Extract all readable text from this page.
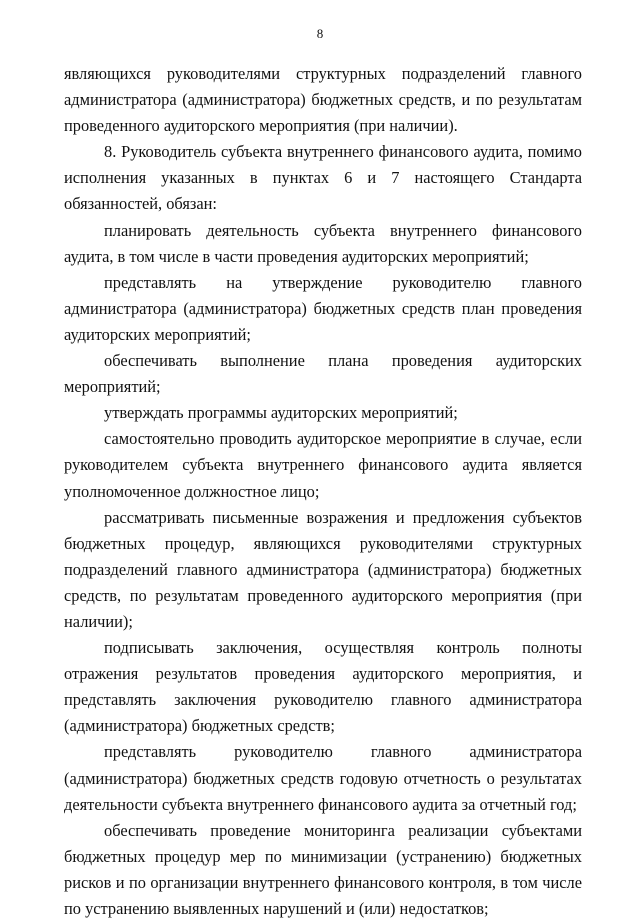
8

являющихся руководителями структурных подразделений главного администратора (администратора) бюджетных средств, и по результатам проведенного аудиторского мероприятия (при наличии).

8. Руководитель субъекта внутреннего финансового аудита, помимо исполнения указанных в пунктах 6 и 7 настоящего Стандарта обязанностей, обязан:

планировать деятельность субъекта внутреннего финансового аудита, в том числе в части проведения аудиторских мероприятий;

представлять на утверждение руководителю главного администратора (администратора) бюджетных средств план проведения аудиторских мероприятий;

обеспечивать выполнение плана проведения аудиторских мероприятий;

утверждать программы аудиторских мероприятий;

самостоятельно проводить аудиторское мероприятие в случае, если руководителем субъекта внутреннего финансового аудита является уполномоченное должностное лицо;

рассматривать письменные возражения и предложения субъектов бюджетных процедур, являющихся руководителями структурных подразделений главного администратора (администратора) бюджетных средств, по результатам проведенного аудиторского мероприятия (при наличии);

подписывать заключения, осуществляя контроль полноты отражения результатов проведения аудиторского мероприятия, и представлять заключения руководителю главного администратора (администратора) бюджетных средств;

представлять руководителю главного администратора (администратора) бюджетных средств годовую отчетность о результатах деятельности субъекта внутреннего финансового аудита за отчетный год;

обеспечивать проведение мониторинга реализации субъектами бюджетных процедур мер по минимизации (устранению) бюджетных рисков и по организации внутреннего финансового контроля, в том числе по устранению выявленных нарушений и (или) недостатков;
